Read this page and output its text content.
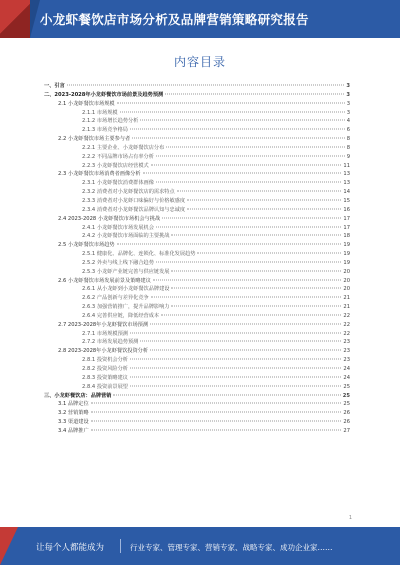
小龙虾餐饮店市场分析及品牌营销策略研究报告
内容目录
一、引言	3
二、2023-2028年小龙虾餐饮市场前景及趋势预测	3
2.1 小龙虾餐饮市场规模	3
2.1.1 市场规模	3
2.1.2 市场增长趋势分析	4
2.1.3 市场竞争格局	6
2.2 小龙虾餐饮市场主要参与者	8
2.2.1 主要企业、小龙虾餐饮店分布	8
2.2.2 不同品牌市场占有率分析	9
2.2.3 小龙虾餐饮店经营模式	11
2.3 小龙虾餐饮市场消费者画像分析	13
2.3.1 小龙虾餐饮消费群体画像	13
2.3.2 消费者对小龙虾餐饮店的需求特点	14
2.3.3 消费者对小龙虾口味偏好与价格敏感度	15
2.3.4 消费者对小龙虾餐饮品牌认知与忠诚度	16
2.4 2023-2028 小龙虾餐饮市场机会与挑战	17
2.4.1 小龙虾餐饮市场发展机会	17
2.4.2 小龙虾餐饮市场面临的主要挑战	18
2.5 小龙虾餐饮市场趋势	19
2.5.1 健康化、品牌化、连锁化、标准化发展趋势	19
2.5.2 外卖与线上线下融合趋势	19
2.5.3 小龙虾产业链完善与供应链发展	20
2.6 小龙虾餐饮市场发展前景及策略建议	20
2.6.1 从小龙虾到小龙虾餐饮品牌建设	20
2.6.2 产品创新与差异化竞争	21
2.6.3 加强营销推广，提升品牌影响力	21
2.6.4 完善供应链，降低经营成本	22
2.7 2023-2028年小龙虾餐饮市场预测	22
2.7.1 市场规模预测	22
2.7.2 市场发展趋势预测	23
2.8 2023-2028年小龙虾餐饮投资分析	23
2.8.1 投资机会分析	23
2.8.2 投资风险分析	24
2.8.3 投资策略建议	24
2.8.4 投资前景展望	25
三、小龙虾餐饮店：品牌营销	25
3.1 品牌定位	25
3.2 营销策略	26
3.3 渠道建设	26
3.4 品牌推广	27
1
让每个人都能成为	行业专家、管理专家、营销专家、战略专家、成功企业家……
